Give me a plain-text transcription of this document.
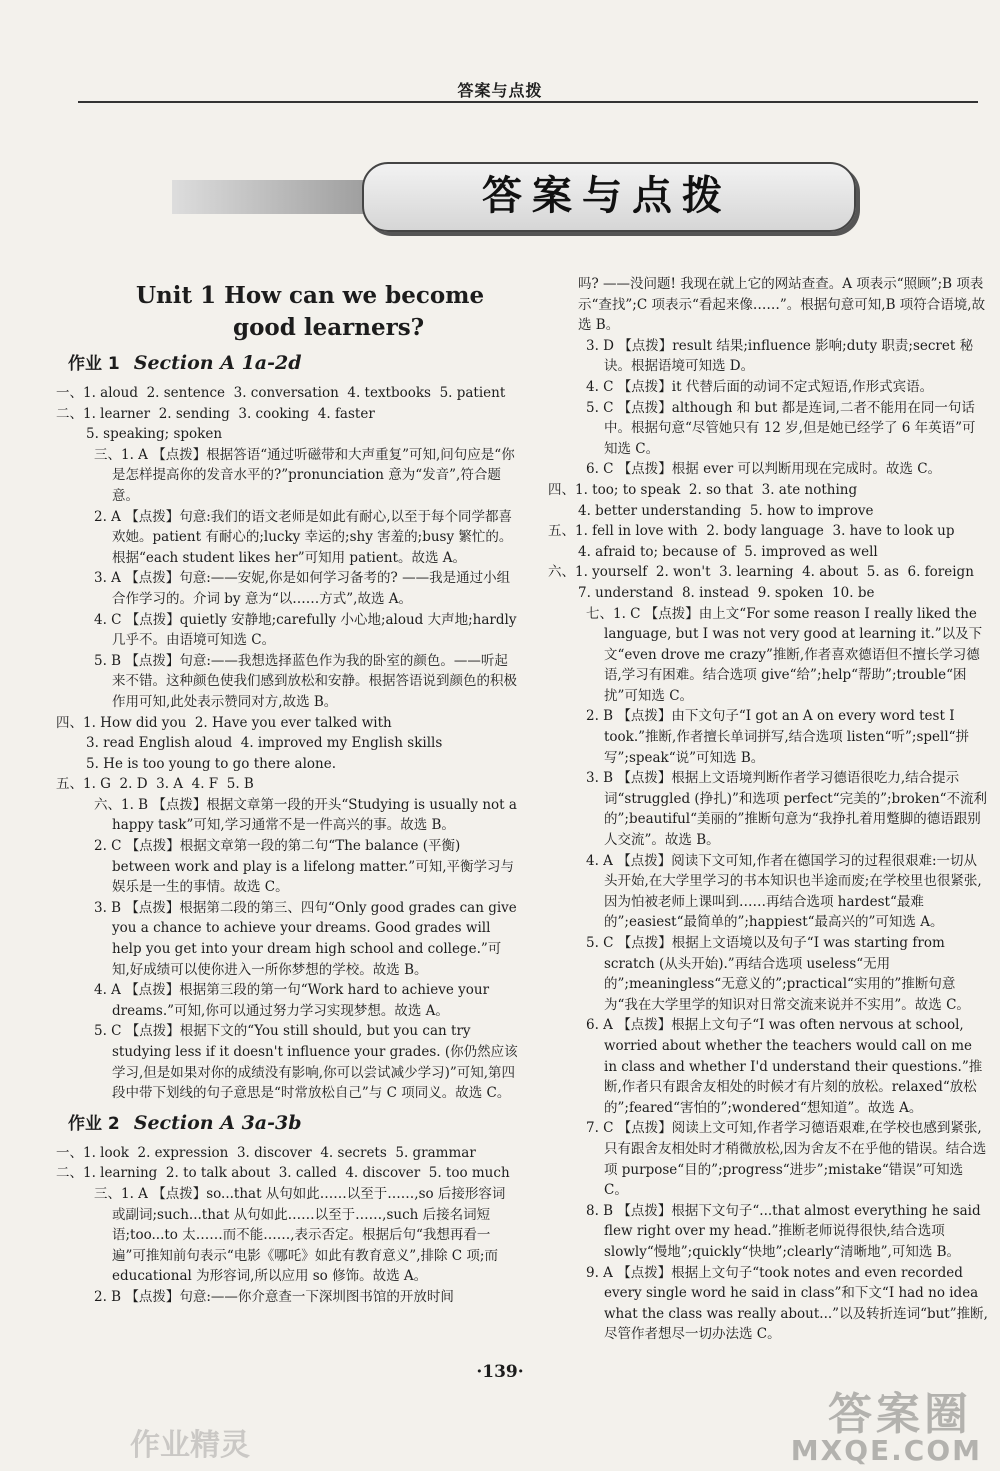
答案与点拨
答案与点拨
Unit 1 How can we become
good learners?
作业 1 Section A 1a-2d

一、1. aloud  2. sentence  3. conversation  4. textbooks  5. patient

二、1. learner  2. sending  3. cooking  4. faster

5. speaking; spoken

三、1. A 【点拨】根据答语“通过听磁带和大声重复”可知,问句应是“你是怎样提高你的发音水平的?”pronunciation 意为“发音”,符合题意。

2. A 【点拨】句意:我们的语文老师是如此有耐心,以至于每个同学都喜欢她。patient 有耐心的;lucky 幸运的;shy 害羞的;busy 繁忙的。根据“each student likes her”可知用 patient。故选 A。

3. A 【点拨】句意:——安妮,你是如何学习备考的? ——我是通过小组合作学习的。介词 by 意为“以……方式”,故选 A。

4. C 【点拨】quietly 安静地;carefully 小心地;aloud 大声地;hardly 几乎不。由语境可知选 C。

5. B 【点拨】句意:——我想选择蓝色作为我的卧室的颜色。——听起来不错。这种颜色使我们感到放松和安静。根据答语说到颜色的积极作用可知,此处表示赞同对方,故选 B。

四、1. How did you  2. Have you ever talked with

3. read English aloud  4. improved my English skills

5. He is too young to go there alone.

五、1. G  2. D  3. A  4. F  5. B

六、1. B 【点拨】根据文章第一段的开头“Studying is usually not a happy task”可知,学习通常不是一件高兴的事。故选 B。

2. C 【点拨】根据文章第一段的第二句“The balance (平衡) between work and play is a lifelong matter.”可知,平衡学习与娱乐是一生的事情。故选 C。

3. B 【点拨】根据第二段的第三、四句“Only good grades can give you a chance to achieve your dreams. Good grades will help you get into your dream high school and college.”可知,好成绩可以使你进入一所你梦想的学校。故选 B。

4. A 【点拨】根据第三段的第一句“Work hard to achieve your dreams.”可知,你可以通过努力学习实现梦想。故选 A。

5. C 【点拨】根据下文的“You still should, but you can try studying less if it doesn't influence your grades. (你仍然应该学习,但是如果对你的成绩没有影响,你可以尝试减少学习)”可知,第四段中带下划线的句子意思是“时常放松自己”与 C 项同义。故选 C。

作业 2 Section A 3a-3b

一、1. look  2. expression  3. discover  4. secrets  5. grammar

二、1. learning  2. to talk about  3. called  4. discover  5. too much

三、1. A 【点拨】so...that 从句如此……以至于……,so 后接形容词或副词;such...that 从句如此……以至于……,such 后接名词短语;too...to 太……而不能……,表示否定。根据后句“我想再看一遍”可推知前句表示“电影《哪吒》如此有教育意义”,排除 C 项;而 educational 为形容词,所以应用 so 修饰。故选 A。

2. B 【点拨】句意:——你介意查一下深圳图书馆的开放时间

吗? ——没问题! 我现在就上它的网站查查。A 项表示“照顾”;B 项表示“查找”;C 项表示“看起来像……”。根据句意可知,B 项符合语境,故选 B。

3. D 【点拨】result 结果;influence 影响;duty 职责;secret 秘诀。根据语境可知选 D。

4. C 【点拨】it 代替后面的动词不定式短语,作形式宾语。

5. C 【点拨】although 和 but 都是连词,二者不能用在同一句话中。根据句意“尽管她只有 12 岁,但是她已经学了 6 年英语”可知选 C。

6. C 【点拨】根据 ever 可以判断用现在完成时。故选 C。

四、1. too; to speak  2. so that  3. ate nothing

4. better understanding  5. how to improve

五、1. fell in love with  2. body language  3. have to look up

4. afraid to; because of  5. improved as well

六、1. yourself  2. won't  3. learning  4. about  5. as  6. foreign

7. understand  8. instead  9. spoken  10. be

七、1. C 【点拨】由上文“For some reason I really liked the language, but I was not very good at learning it.”以及下文“even drove me crazy”推断,作者喜欢德语但不擅长学习德语,学习有困难。结合选项 give“给”;help“帮助”;trouble“困扰”可知选 C。

2. B 【点拨】由下文句子“I got an A on every word test I took.”推断,作者擅长单词拼写,结合选项 listen“听”;spell“拼写”;speak“说”可知选 B。

3. B 【点拨】根据上文语境判断作者学习德语很吃力,结合提示词“struggled (挣扎)”和选项 perfect“完美的”;broken“不流利的”;beautiful“美丽的”推断句意为“我挣扎着用蹩脚的德语跟别人交流”。故选 B。

4. A 【点拨】阅读下文可知,作者在德国学习的过程很艰难:一切从头开始,在大学里学习的书本知识也半途而废;在学校里也很紧张,因为怕被老师上课叫到……再结合选项 hardest“最难的”;easiest“最简单的”;happiest“最高兴的”可知选 A。

5. C 【点拨】根据上文语境以及句子“I was starting from scratch (从头开始).”再结合选项 useless“无用的”;meaningless“无意义的”;practical“实用的”推断句意为“我在大学里学的知识对日常交流来说并不实用”。故选 C。

6. A 【点拨】根据上文句子“I was often nervous at school, worried about whether the teachers would call on me in class and whether I'd understand their questions.”推断,作者只有跟舍友相处的时候才有片刻的放松。relaxed“放松的”;feared“害怕的”;wondered“想知道”。故选 A。

7. C 【点拨】阅读上文可知,作者学习德语艰难,在学校也感到紧张,只有跟舍友相处时才稍微放松,因为舍友不在乎他的错误。结合选项 purpose“目的”;progress“进步”;mistake“错误”可知选 C。

8. B 【点拨】根据下文句子“...that almost everything he said flew right over my head.”推断老师说得很快,结合选项 slowly“慢地”;quickly“快地”;clearly“清晰地”,可知选 B。

9. A 【点拨】根据上文句子“took notes and even recorded every single word he said in class”和下文“I had no idea what the class was really about...”以及转折连词“but”推断,尽管作者想尽一切办法选 C。

·139·
作业精灵
答案圈
MXQE.COM
